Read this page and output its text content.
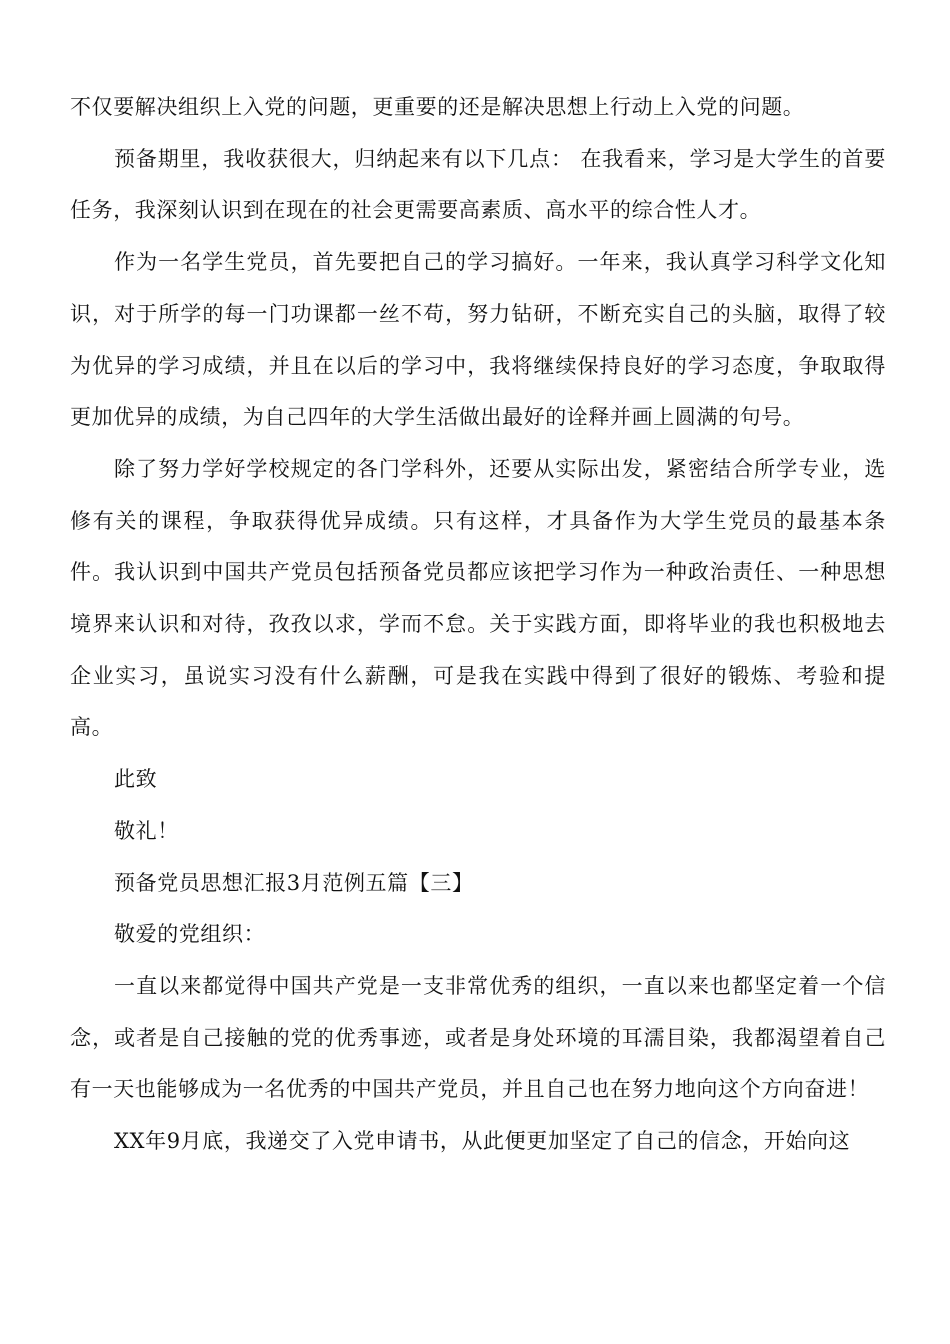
不仅要解决组织上入党的问题，更重要的还是解决思想上行动上入党的问题。

预备期里，我收获很大，归纳起来有以下几点： 在我看来，学习是大学生的首要任务，我深刻认识到在现在的社会更需要高素质、高水平的综合性人才。

作为一名学生党员，首先要把自己的学习搞好。一年来，我认真学习科学文化知识，对于所学的每一门功课都一丝不苟，努力钻研，不断充实自己的头脑，取得了较为优异的学习成绩，并且在以后的学习中，我将继续保持良好的学习态度，争取取得更加优异的成绩，为自己四年的大学生活做出最好的诠释并画上圆满的句号。

除了努力学好学校规定的各门学科外，还要从实际出发，紧密结合所学专业，选修有关的课程，争取获得优异成绩。只有这样，才具备作为大学生党员的最基本条件。我认识到中国共产党员包括预备党员都应该把学习作为一种政治责任、一种思想境界来认识和对待，孜孜以求，学而不怠。关于实践方面，即将毕业的我也积极地去企业实习，虽说实习没有什么薪酬，可是我在实践中得到了很好的锻炼、考验和提高。

此致

敬礼！

预备党员思想汇报3月范例五篇【三】

敬爱的党组织：

一直以来都觉得中国共产党是一支非常优秀的组织，一直以来也都坚定着一个信念，或者是自己接触的党的优秀事迹，或者是身处环境的耳濡目染，我都渴望着自己有一天也能够成为一名优秀的中国共产党员，并且自己也在努力地向这个方向奋进！

XX年9月底，我递交了入党申请书，从此便更加坚定了自己的信念，开始向这
